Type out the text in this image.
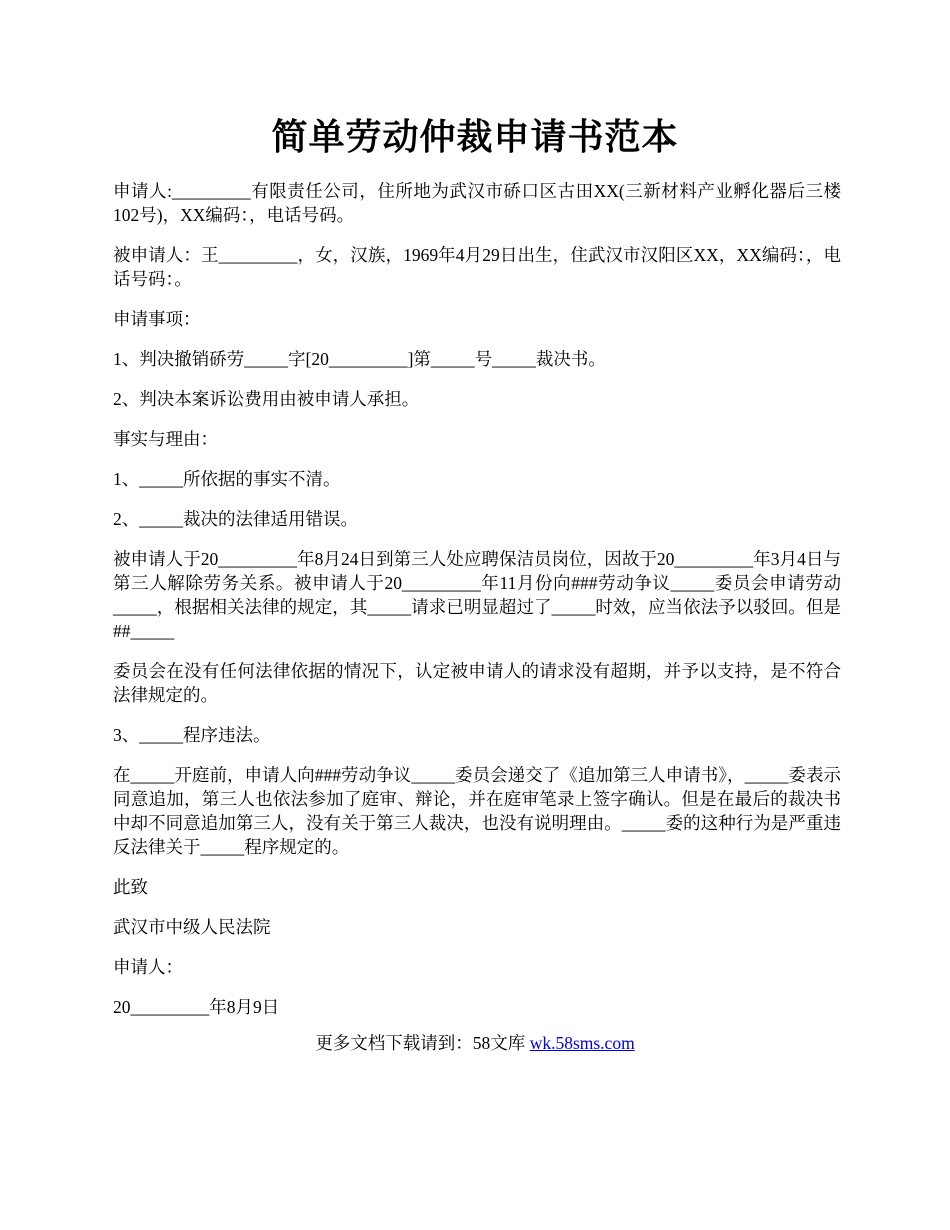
简单劳动仲裁申请书范本

申请人:_________有限责任公司，住所地为武汉市硚口区古田XX(三新材料产业孵化器后三楼102号)，XX编码：，电话号码。

被申请人：王_________，女，汉族，1969年4月29日出生，住武汉市汉阳区XX，XX编码：，电话号码：。

申请事项：

1、判决撤销硚劳_____字[20_________]第_____号_____裁决书。

2、判决本案诉讼费用由被申请人承担。

事实与理由：

1、_____所依据的事实不清。

2、_____裁决的法律适用错误。

被申请人于20_________年8月24日到第三人处应聘保洁员岗位，因故于20_________年3月4日与第三人解除劳务关系。被申请人于20_________年11月份向###劳动争议_____委员会申请劳动_____，根据相关法律的规定，其_____请求已明显超过了_____时效，应当依法予以驳回。但是##_____

委员会在没有任何法律依据的情况下，认定被申请人的请求没有超期，并予以支持，是不符合法律规定的。

3、_____程序违法。

在_____开庭前，申请人向###劳动争议_____委员会递交了《追加第三人申请书》，_____委表示同意追加，第三人也依法参加了庭审、辩论，并在庭审笔录上签字确认。但是在最后的裁决书中却不同意追加第三人，没有关于第三人裁决，也没有说明理由。_____委的这种行为是严重违反法律关于_____程序规定的。

此致

武汉市中级人民法院

申请人：

20_________年8月9日

更多文档下载请到：58文库 wk.58sms.com
